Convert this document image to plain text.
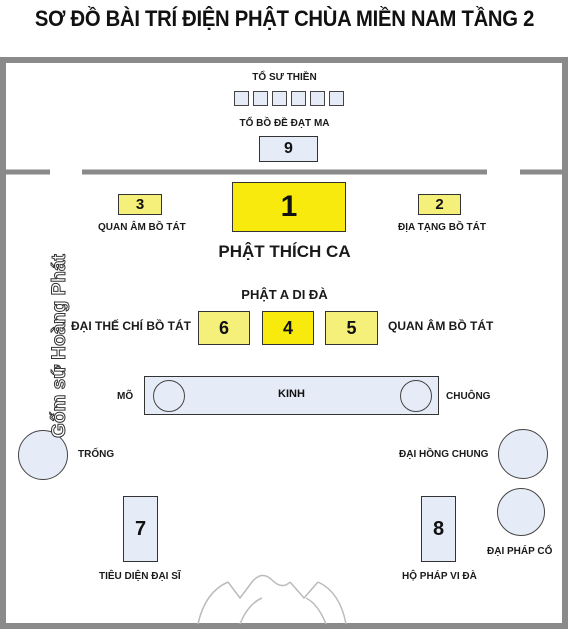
SƠ ĐỒ BÀI TRÍ ĐIỆN PHẬT CHÙA MIỀN NAM TẦNG 2
TỔ SƯ THIỀN
TỔ BỒ ĐỀ ĐẠT MA
9
3
QUAN ÂM BỒ TÁT
1
PHẬT THÍCH CA
2
ĐỊA TẠNG BỒ TÁT
PHẬT A DI ĐÀ
ĐẠI THẾ CHÍ BỒ TÁT	6	4	5	QUAN ÂM BỒ TÁT
MÕ	KINH	CHUÔNG
TRỐNG	ĐẠI HỒNG CHUNG
7
TIÊU DIỆN ĐẠI SĨ
8
HỘ PHÁP VI ĐÀ
ĐẠI PHÁP CỔ
Gốm sứ Hoàng Phát
